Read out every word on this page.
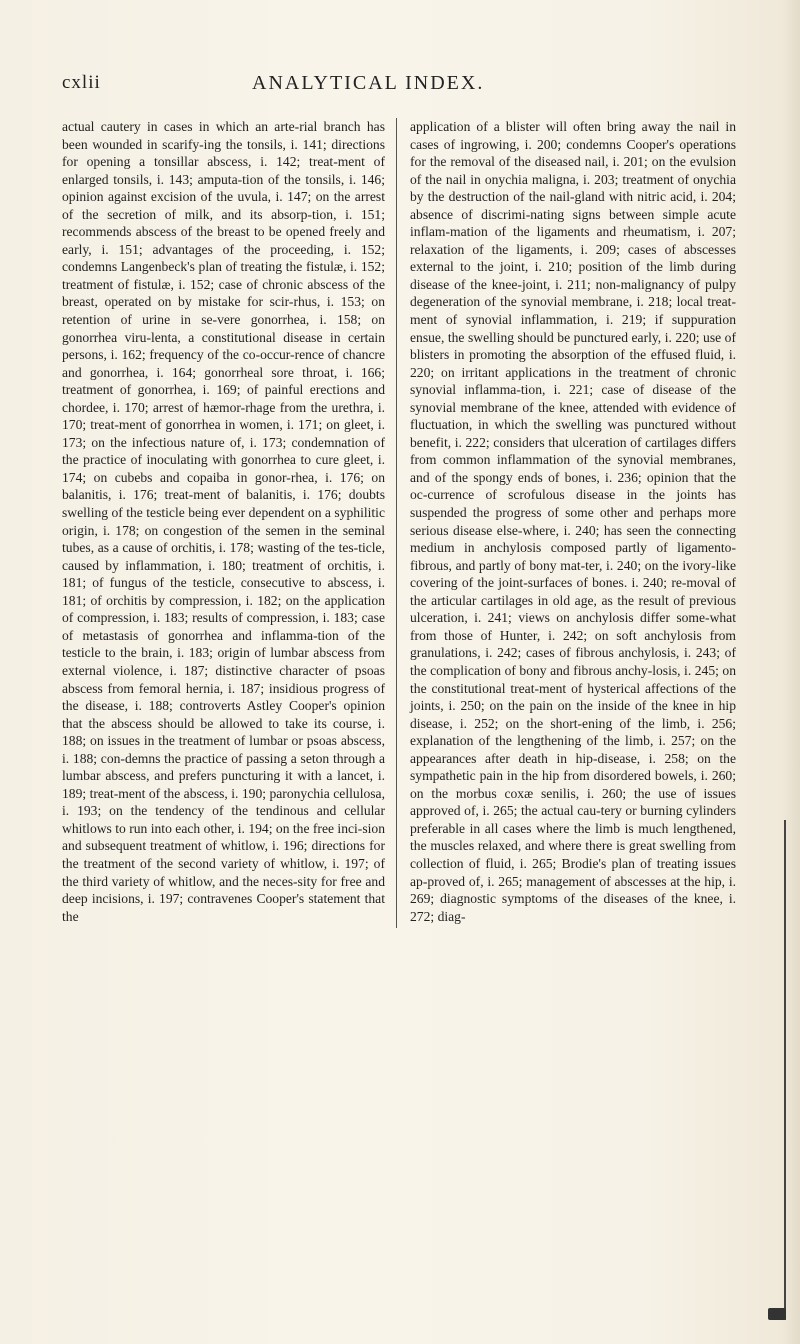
cxlii	ANALYTICAL INDEX.
actual cautery in cases in which an arte-rial branch has been wounded in scarify-ing the tonsils, i. 141; directions for opening a tonsillar abscess, i. 142; treat-ment of enlarged tonsils, i. 143; amputa-tion of the tonsils, i. 146; opinion against excision of the uvula, i. 147; on the arrest of the secretion of milk, and its absorp-tion, i. 151; recommends abscess of the breast to be opened freely and early, i. 151; advantages of the proceeding, i. 152; condemns Langenbeck's plan of treating the fistulæ, i. 152; treatment of fistulæ, i. 152; case of chronic abscess of the breast, operated on by mistake for scir-rhus, i. 153; on retention of urine in se-vere gonorrhea, i. 158; on gonorrhea viru-lenta, a constitutional disease in certain persons, i. 162; frequency of the co-occur-rence of chancre and gonorrhea, i. 164; gonorrheal sore throat, i. 166; treatment of gonorrhea, i. 169; of painful erections and chordee, i. 170; arrest of hæmor-rhage from the urethra, i. 170; treat-ment of gonorrhea in women, i. 171; on gleet, i. 173; on the infectious nature of, i. 173; condemnation of the practice of inoculating with gonorrhea to cure gleet, i. 174; on cubebs and copaiba in gonor-rhea, i. 176; on balanitis, i. 176; treat-ment of balanitis, i. 176; doubts swelling of the testicle being ever dependent on a syphilitic origin, i. 178; on congestion of the semen in the seminal tubes, as a cause of orchitis, i. 178; wasting of the tes-ticle, caused by inflammation, i. 180; treatment of orchitis, i. 181; of fungus of the testicle, consecutive to abscess, i. 181; of orchitis by compression, i. 182; on the application of compression, i. 183; results of compression, i. 183; case of metastasis of gonorrhea and inflamma-tion of the testicle to the brain, i. 183; origin of lumbar abscess from external violence, i. 187; distinctive character of psoas abscess from femoral hernia, i. 187; insidious progress of the disease, i. 188; controverts Astley Cooper's opinion that the abscess should be allowed to take its course, i. 188; on issues in the treatment of lumbar or psoas abscess, i. 188; con-demns the practice of passing a seton through a lumbar abscess, and prefers puncturing it with a lancet, i. 189; treat-ment of the abscess, i. 190; paronychia cellulosa, i. 193; on the tendency of the tendinous and cellular whitlows to run into each other, i. 194; on the free inci-sion and subsequent treatment of whitlow, i. 196; directions for the treatment of the second variety of whitlow, i. 197; of the third variety of whitlow, and the neces-sity for free and deep incisions, i. 197; contravenes Cooper's statement that the
application of a blister will often bring away the nail in cases of ingrowing, i. 200; condemns Cooper's operations for the removal of the diseased nail, i. 201; on the evulsion of the nail in onychia maligna, i. 203; treatment of onychia by the destruction of the nail-gland with nitric acid, i. 204; absence of discrimi-nating signs between simple acute inflam-mation of the ligaments and rheumatism, i. 207; relaxation of the ligaments, i. 209; cases of abscesses external to the joint, i. 210; position of the limb during disease of the knee-joint, i. 211; non-malignancy of pulpy degeneration of the synovial membrane, i. 218; local treat-ment of synovial inflammation, i. 219; if suppuration ensue, the swelling should be punctured early, i. 220; use of blisters in promoting the absorption of the effused fluid, i. 220; on irritant applications in the treatment of chronic synovial inflamma-tion, i. 221; case of disease of the synovial membrane of the knee, attended with evidence of fluctuation, in which the swelling was punctured without benefit, i. 222; considers that ulceration of cartilages differs from common inflammation of the synovial membranes, and of the spongy ends of bones, i. 236; opinion that the oc-currence of scrofulous disease in the joints has suspended the progress of some other and perhaps more serious disease else-where, i. 240; has seen the connecting medium in anchylosis composed partly of ligamento-fibrous, and partly of bony mat-ter, i. 240; on the ivory-like covering of the joint-surfaces of bones. i. 240; re-moval of the articular cartilages in old age, as the result of previous ulceration, i. 241; views on anchylosis differ some-what from those of Hunter, i. 242; on soft anchylosis from granulations, i. 242; cases of fibrous anchylosis, i. 243; of the complication of bony and fibrous anchy-losis, i. 245; on the constitutional treat-ment of hysterical affections of the joints, i. 250; on the pain on the inside of the knee in hip disease, i. 252; on the short-ening of the limb, i. 256; explanation of the lengthening of the limb, i. 257; on the appearances after death in hip-disease, i. 258; on the sympathetic pain in the hip from disordered bowels, i. 260; on the morbus coxæ senilis, i. 260; the use of issues approved of, i. 265; the actual cau-tery or burning cylinders preferable in all cases where the limb is much lengthened, the muscles relaxed, and where there is great swelling from collection of fluid, i. 265; Brodie's plan of treating issues ap-proved of, i. 265; management of abscesses at the hip, i. 269; diagnostic symptoms of the diseases of the knee, i. 272; diag-
